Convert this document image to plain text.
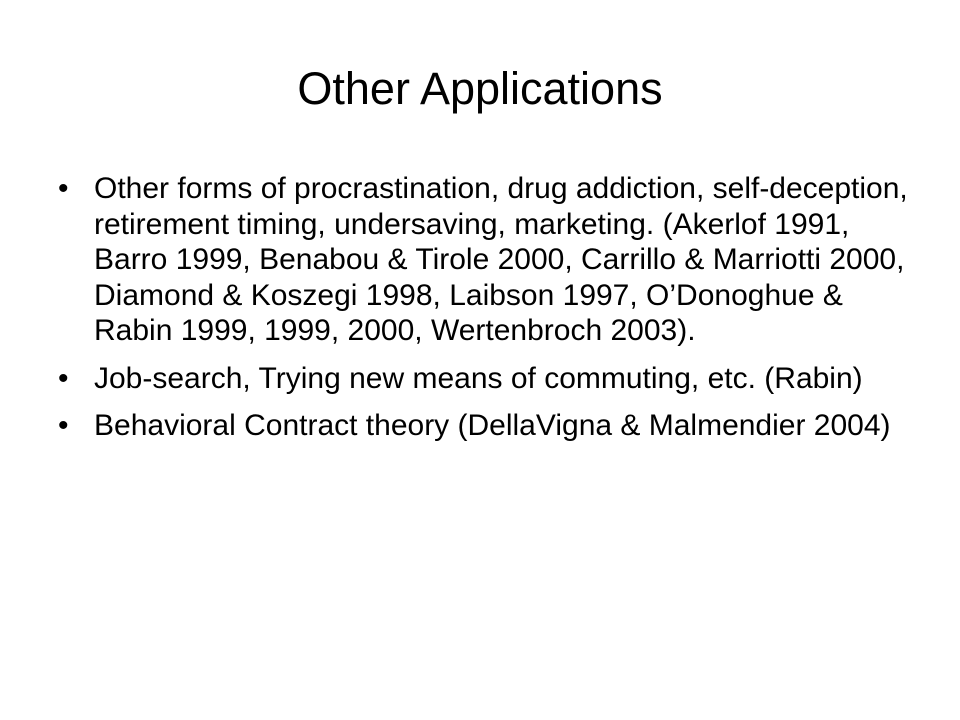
Other Applications
• Other forms of procrastination, drug addiction, self-deception, retirement timing, undersaving, marketing. (Akerlof 1991, Barro 1999, Benabou & Tirole 2000, Carrillo & Marriotti 2000, Diamond & Koszegi 1998, Laibson 1997, O’Donoghue & Rabin 1999, 1999, 2000, Wertenbroch 2003).
• Job-search, Trying new means of commuting, etc. (Rabin)
• Behavioral Contract theory (DellaVigna & Malmendier 2004)
